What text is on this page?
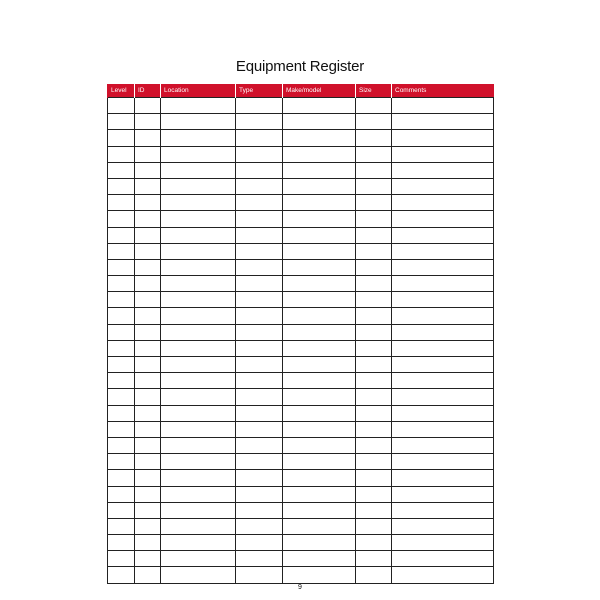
Equipment Register
Level	ID	Location	Type	Make/model	Size	Comments

9
